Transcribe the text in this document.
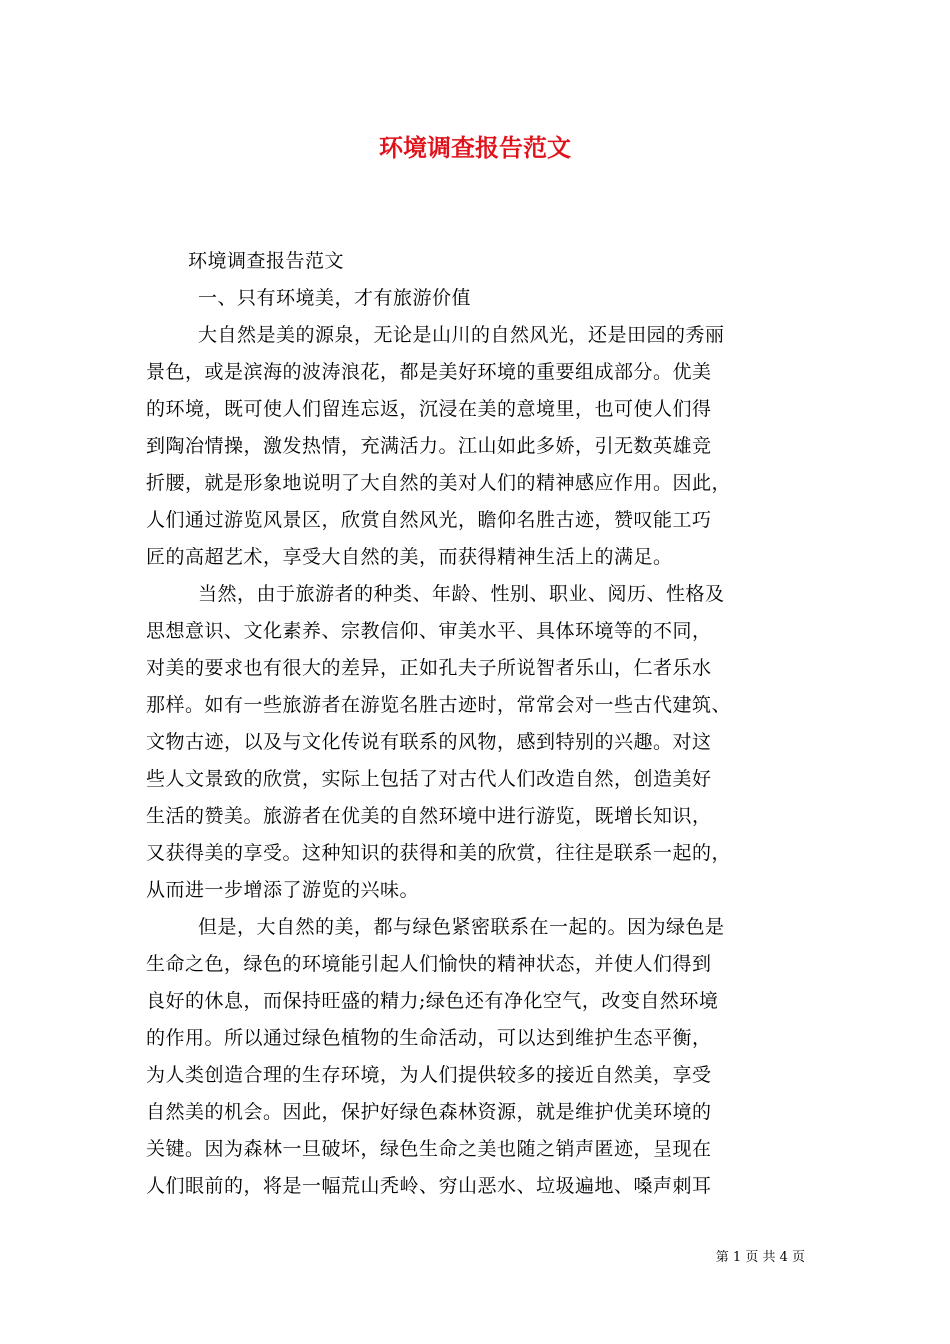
环境调查报告范文
环境调查报告范文
一、只有环境美，才有旅游价值
大自然是美的源泉，无论是山川的自然风光，还是田园的秀丽
景色，或是滨海的波涛浪花，都是美好环境的重要组成部分。优美
的环境，既可使人们留连忘返，沉浸在美的意境里，也可使人们得
到陶冶情操，激发热情，充满活力。江山如此多娇，引无数英雄竞
折腰，就是形象地说明了大自然的美对人们的精神感应作用。因此，
人们通过游览风景区，欣赏自然风光，瞻仰名胜古迹，赞叹能工巧
匠的高超艺术，享受大自然的美，而获得精神生活上的满足。
当然，由于旅游者的种类、年龄、性别、职业、阅历、性格及
思想意识、文化素养、宗教信仰、审美水平、具体环境等的不同，
对美的要求也有很大的差异，正如孔夫子所说智者乐山，仁者乐水
那样。如有一些旅游者在游览名胜古迹时，常常会对一些古代建筑、
文物古迹，以及与文化传说有联系的风物，感到特别的兴趣。对这
些人文景致的欣赏，实际上包括了对古代人们改造自然，创造美好
生活的赞美。旅游者在优美的自然环境中进行游览，既增长知识，
又获得美的享受。这种知识的获得和美的欣赏，往往是联系一起的，
从而进一步增添了游览的兴味。
但是，大自然的美，都与绿色紧密联系在一起的。因为绿色是
生命之色，绿色的环境能引起人们愉快的精神状态，并使人们得到
良好的休息，而保持旺盛的精力;绿色还有净化空气，改变自然环境
的作用。所以通过绿色植物的生命活动，可以达到维护生态平衡，
为人类创造合理的生存环境，为人们提供较多的接近自然美，享受
自然美的机会。因此，保护好绿色森林资源，就是维护优美环境的
关键。因为森林一旦破坏，绿色生命之美也随之销声匿迹，呈现在
人们眼前的，将是一幅荒山秃岭、穷山恶水、垃圾遍地、嗓声刺耳
第 1 页 共 4 页
